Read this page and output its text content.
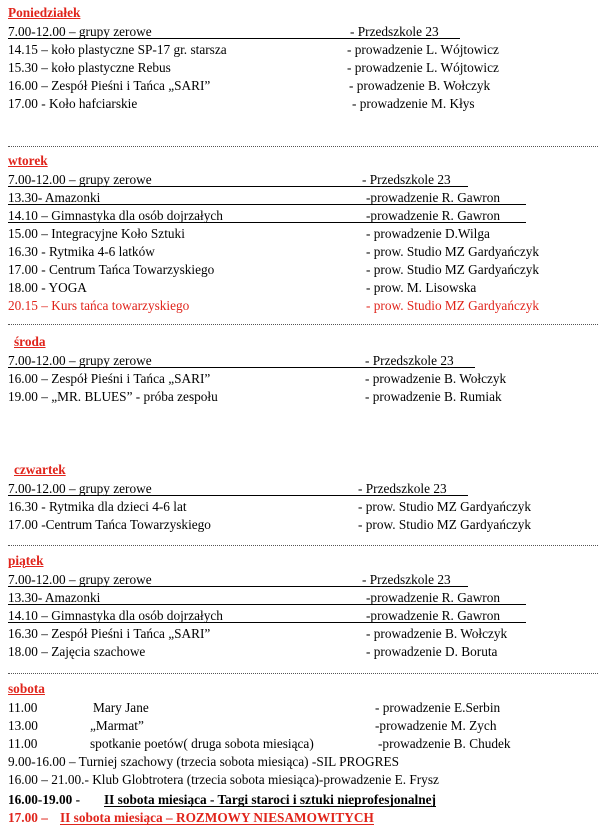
Poniedziałek
7.00-12.00 – grupy zerowe	- Przedszkole 23
14.15 – koło plastyczne SP-17 gr. starsza	- prowadzenie L. Wójtowicz
15.30 – koło plastyczne Rebus	- prowadzenie L. Wójtowicz
16.00 – Zespół Pieśni i Tańca „SARI”	- prowadzenie B. Wołczyk
17.00 - Koło hafciarskie	- prowadzenie M. Kłys
wtorek
7.00-12.00 – grupy zerowe	- Przedszkole 23
13.30- Amazonki	-prowadzenie R. Gawron
14.10 – Gimnastyka dla osób dojrzałych	-prowadzenie R. Gawron
15.00 – Integracyjne Koło Sztuki	- prowadzenie D.Wilga
16.30 - Rytmika 4-6 latków	- prow. Studio MZ Gardyańczyk
17.00 - Centrum Tańca Towarzyskiego	- prow. Studio MZ Gardyańczyk
18.00 - YOGA	- prow. M. Lisowska
20.15 – Kurs tańca towarzyskiego	- prow. Studio MZ Gardyańczyk
środa
7.00-12.00 – grupy zerowe	- Przedszkole 23
16.00 – Zespół Pieśni i Tańca „SARI”	- prowadzenie B. Wołczyk
19.00 – „MR. BLUES” - próba zespołu	- prowadzenie B. Rumiak
czwartek
7.00-12.00 – grupy zerowe	- Przedszkole 23
16.30 - Rytmika dla dzieci 4-6 lat	- prow. Studio MZ Gardyańczyk
17.00 -Centrum Tańca Towarzyskiego	- prow. Studio MZ Gardyańczyk
piątek
7.00-12.00 – grupy zerowe	- Przedszkole 23
13.30- Amazonki	-prowadzenie R. Gawron
14.10 – Gimnastyka dla osób dojrzałych	-prowadzenie R. Gawron
16.30 – Zespół Pieśni i Tańca „SARI”	- prowadzenie B. Wołczyk
18.00 – Zajęcia szachowe	- prowadzenie D. Boruta
sobota
11.00	Mary Jane	- prowadzenie E.Serbin
13.00	„Marmat”	-prowadzenie M. Zych
11.00	spotkanie poetów( druga sobota miesiąca)	-prowadzenie B. Chudek
9.00-16.00 – Turniej szachowy (trzecia sobota miesiąca) -SIL PROGRES
16.00 – 21.00.- Klub Globtrotera (trzecia sobota miesiąca)-prowadzenie E. Frysz
16.00-19.00 - II sobota miesiąca - Targi staroci i sztuki nieprofesjonalnej
17.00 – II sobota miesiąca – ROZMOWY NIESAMOWITYCH
